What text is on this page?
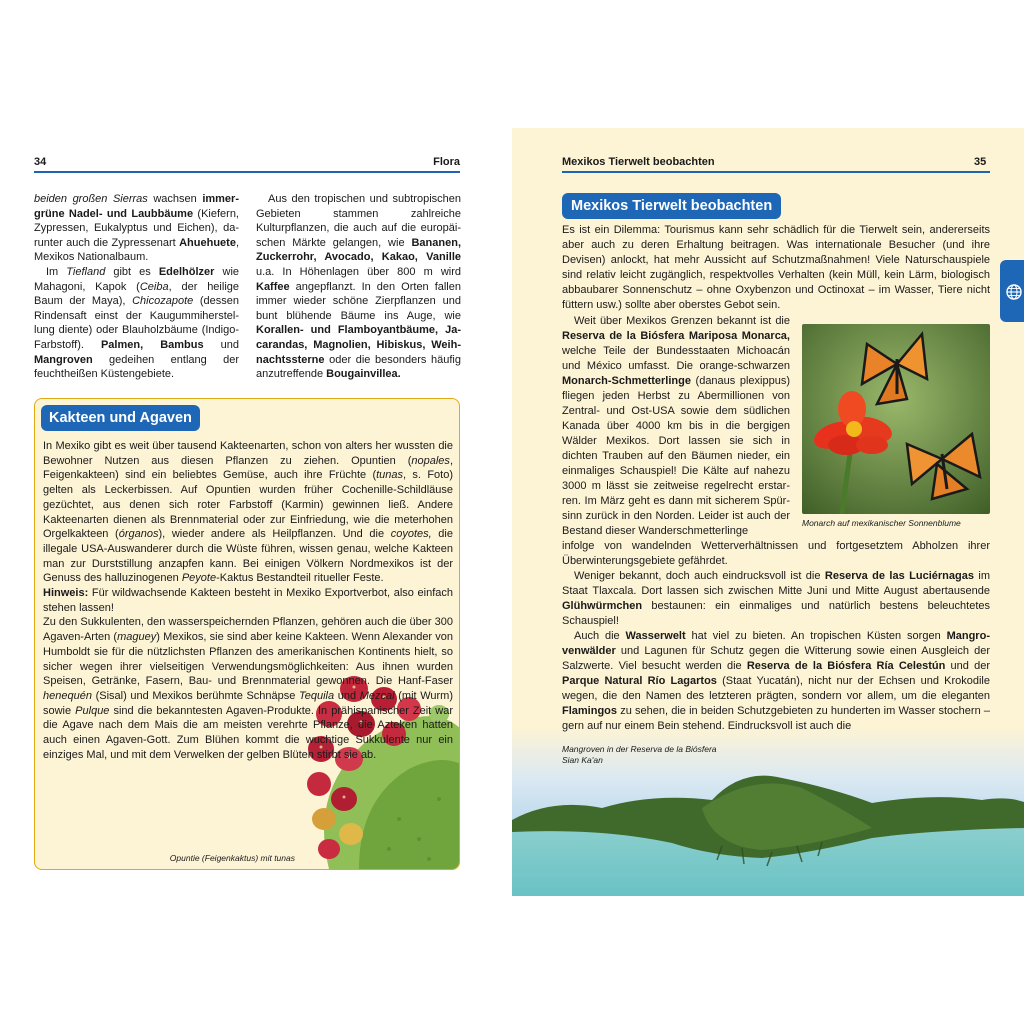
34	Flora

beiden großen Sierras wachsen immergrüne Nadel- und Laubbäume (Kiefern, Zypressen, Eukalyptus und Eichen), darunter auch die Zypressenart Ahuehuete, Mexikos Nationalbaum.

Im Tiefland gibt es Edelhölzer wie Mahagoni, Kapok (Ceiba, der heilige Baum der Maya), Chicozapote (dessen Rindensaft einst der Kaugummiherstellung diente) oder Blauholzbäume (Indigo-Farbstoff). Palmen, Bambus und Mangroven gedeihen entlang der feuchtheißen Küstengebiete.

Aus den tropischen und subtropischen Gebieten stammen zahlreiche Kulturpflanzen, die auch auf die europäischen Märkte gelangen, wie Bananen, Zuckerrohr, Avocado, Kakao, Vanille u.a. In Höhenlagen über 800 m wird Kaffee angepflanzt. In den Orten fallen immer wieder schöne Zierpflanzen und bunt blühende Bäume ins Auge, wie Korallen- und Flamboyantbäume, Jacarandas, Magnolien, Hibiskus, Weihnachtssterne oder die besonders häufig anzutreffende Bougainvillea.

Kakteen und Agaven

In Mexiko gibt es weit über tausend Kakteenarten, schon von alters her wussten die Bewohner Nutzen aus diesen Pflanzen zu ziehen. Opuntien (nopales, Feigenkakteen) sind ein beliebtes Gemüse, auch ihre Früchte (tunas, s. Foto) gelten als Leckerbissen. Auf Opuntien wurden früher Cochenille-Schildläuse gezüchtet, aus denen sich roter Farbstoff (Karmin) gewinnen ließ. Andere Kakteenarten dienen als Brennmaterial oder zur Einfriedung, wie die meterhohen Orgelkakteen (órganos), wieder andere als Heilpflanzen. Und die coyotes, die illegale USA-Auswanderer durch die Wüste führen, wissen genau, welche Kakteen man zur Durststillung anzapfen kann. Bei einigen Völkern Nordmexikos ist der Genuss des halluzinogenen Peyote-Kaktus Bestandteil ritueller Feste.

Hinweis: Für wildwachsende Kakteen besteht in Mexiko Exportverbot, also einfach stehen lassen!

Zu den Sukkulenten, den wasserspeichernden Pflanzen, gehören auch die über 300 Agaven-Arten (maguey) Mexikos, sie sind aber keine Kakteen. Wenn Alexander von Humboldt sie für die nützlichsten Pflanzen des amerikanischen Kontinents hielt, so sicher wegen ihrer vielseitigen Verwendungsmöglichkeiten: Aus ihnen wurden Speisen, Getränke, Fasern, Bau- und Brennmaterial gewonnen. Die Hanf-Faser henequén (Sisal) und Mexikos berühmte Schnäpse Tequila und Mezcal (mit Wurm) sowie Pulque sind die bekanntesten Agaven-Produkte. In prähispanischer Zeit war die Agave nach dem Mais die am meisten verehrte Pflanze, die Azteken hatten auch einen Agaven-Gott. Zum Blühen kommt die wuchtige Sukkulente nur ein einziges Mal, und mit dem Verwelken der gelben Blüten stirbt sie ab.

Opuntie (Feigenkaktus) mit tunas
Mexikos Tierwelt beobachten	35
Mexikos Tierwelt beobachten

Es ist ein Dilemma: Tourismus kann sehr schädlich für die Tierwelt sein, andererseits aber auch zu deren Erhaltung beitragen. Was internationale Besucher (und ihre Devisen) anlockt, hat mehr Aussicht auf Schutzmaßnahmen! Viele Naturschauspiele sind relativ leicht zugänglich, respektvolles Verhalten (kein Müll, kein Lärm, biologisch abbaubarer Sonnenschutz – ohne Oxybenzon und Octinoxat – im Wasser, Tiere nicht füttern usw.) sollte aber oberstes Gebot sein.

Weit über Mexikos Grenzen bekannt ist die Reserva de la Biósfera Mariposa Monarca, welche Teile der Bundesstaaten Michoacán und México umfasst. Die orange-schwarzen Monarch-Schmetterlinge (danaus plexippus) fliegen jeden Herbst zu Abermillionen von Zentral- und Ost-USA sowie dem südlichen Kanada über 4000 km bis in die bergigen Wälder Mexikos. Dort lassen sie sich in dichten Trauben auf den Bäumen nieder, ein einmaliges Schauspiel! Die Kälte auf nahezu 3000 m lässt sie zeitweise regelrecht erstarren. Im März geht es dann mit sicherem Spürsinn zurück in den Norden. Leider ist auch der Bestand dieser Wanderschmetterlinge

Monarch auf mexikanischer Sonnenblume
Mangroven in der Reserva de la Biósfera Sian Ka'an

infolge von wandelnden Wetterverhältnissen und fortgesetztem Abholzen ihrer Überwinterungsgebiete gefährdet.

Weniger bekannt, doch auch eindrucksvoll ist die Reserva de las Luciérnagas im Staat Tlaxcala. Dort lassen sich zwischen Mitte Juni und Mitte August abertausende Glühwürmchen bestaunen: ein einmaliges und natürlich bestens beleuchtetes Schauspiel!

Auch die Wasserwelt hat viel zu bieten. An tropischen Küsten sorgen Mangrovenwälder und Lagunen für Schutz gegen die Witterung sowie einen Ausgleich der Salzwerte. Viel besucht werden die Reserva de la Biósfera Ría Celestún und der Parque Natural Río Lagartos (Staat Yucatán), nicht nur der Echsen und Krokodile wegen, die den Namen des letzteren prägten, sondern vor allem, um die eleganten Flamingos zu sehen, die in beiden Schutzgebieten zu hunderten im Wasser stochern – gern auf nur einem Bein stehend. Eindrucksvoll ist auch die
